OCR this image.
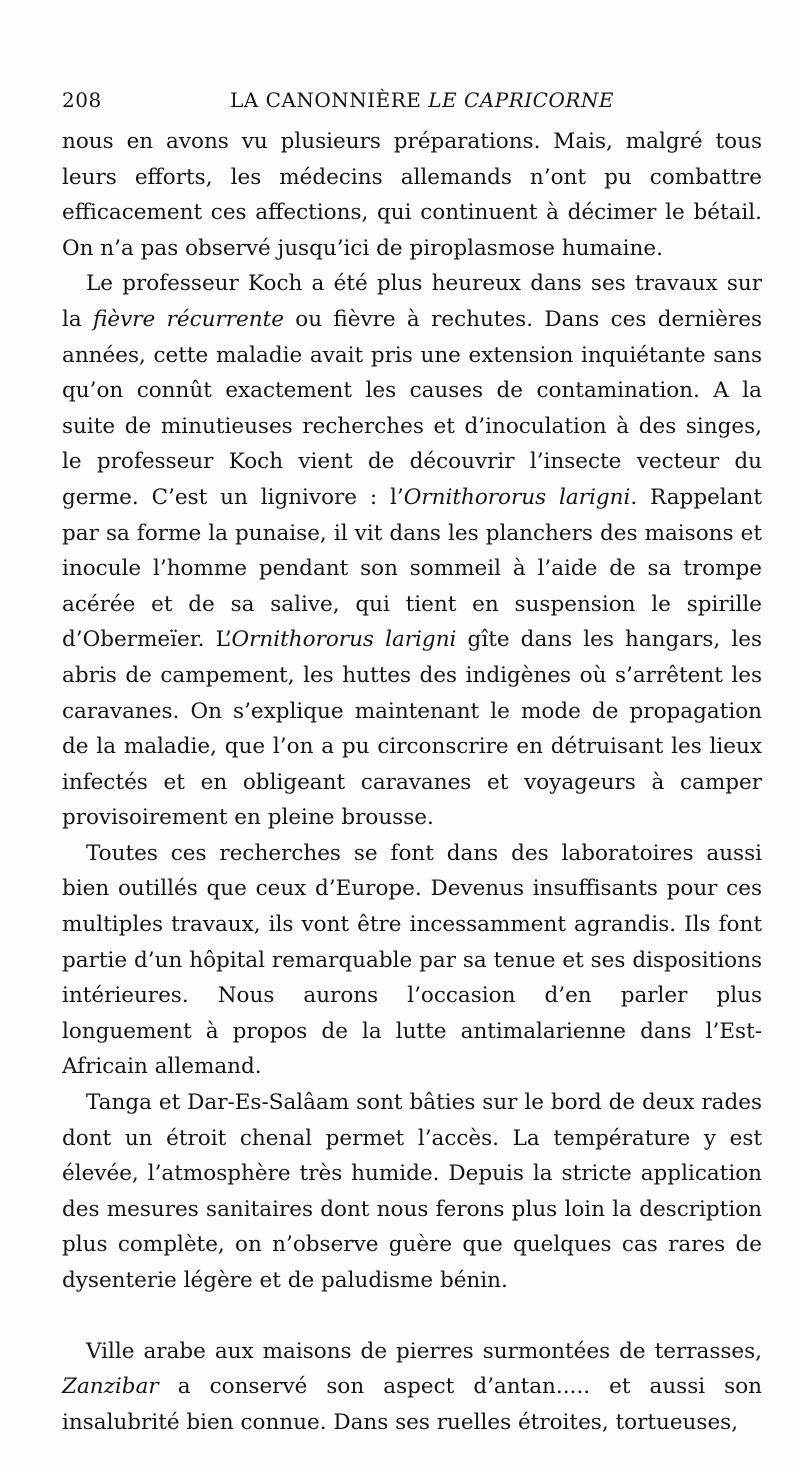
208	LA CANONNIÈRE LE CAPRICORNE

nous en avons vu plusieurs préparations. Mais, malgré tous leurs efforts, les médecins allemands n’ont pu combattre efficacement ces affections, qui continuent à décimer le bétail. On n’a pas observé jusqu’ici de piroplasmose humaine.

Le professeur Koch a été plus heureux dans ses travaux sur la fièvre récurrente ou fièvre à rechutes. Dans ces dernières années, cette maladie avait pris une extension inquiétante sans qu’on connût exactement les causes de contamination. A la suite de minutieuses recherches et d’inoculation à des singes, le professeur Koch vient de découvrir l’insecte vecteur du germe. C’est un lignivore : l’Ornithororus larigni. Rappelant par sa forme la punaise, il vit dans les planchers des maisons et inocule l’homme pendant son sommeil à l’aide de sa trompe acérée et de sa salive, qui tient en suspension le spirille d’Obermeïer. L’Ornithororus larigni gîte dans les hangars, les abris de campement, les huttes des indigènes où s’arrêtent les caravanes. On s’explique maintenant le mode de propagation de la maladie, que l’on a pu circonscrire en détruisant les lieux infectés et en obligeant caravanes et voyageurs à camper provisoirement en pleine brousse.

Toutes ces recherches se font dans des laboratoires aussi bien outillés que ceux d’Europe. Devenus insuffisants pour ces multiples travaux, ils vont être incessamment agrandis. Ils font partie d’un hôpital remarquable par sa tenue et ses dispositions intérieures. Nous aurons l’occasion d’en parler plus longuement à propos de la lutte antimalarienne dans l’Est-Africain allemand.

Tanga et Dar-Es-Salâam sont bâties sur le bord de deux rades dont un étroit chenal permet l’accès. La température y est élevée, l’atmosphère très humide. Depuis la stricte application des mesures sanitaires dont nous ferons plus loin la description plus complète, on n’observe guère que quelques cas rares de dysenterie légère et de paludisme bénin.

Ville arabe aux maisons de pierres surmontées de terrasses, Zanzibar a conservé son aspect d’antan..... et aussi son insalubrité bien connue. Dans ses ruelles étroites, tortueuses,
